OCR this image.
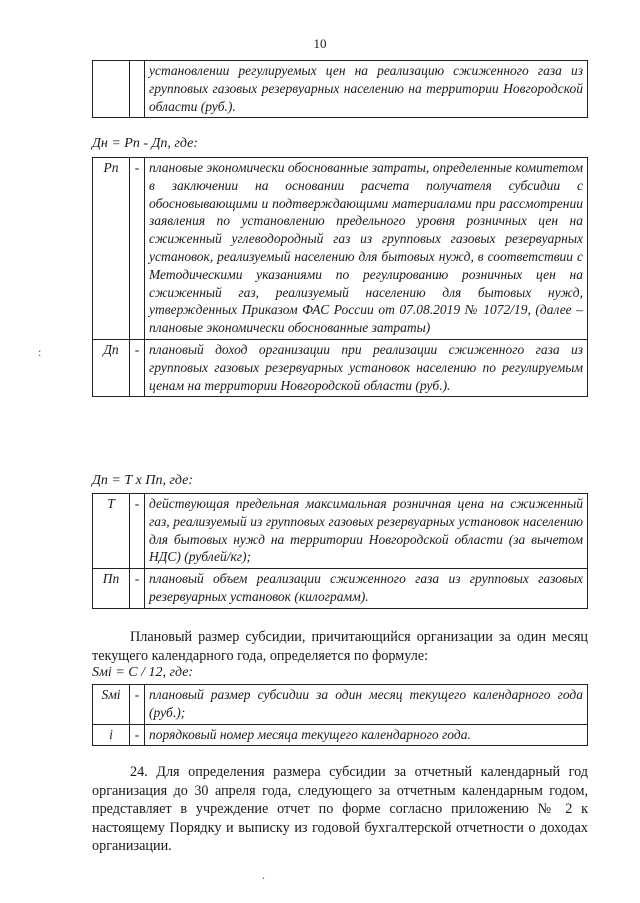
10
		установлении регулируемых цен на реализацию сжиженного газа из групповых газовых резервуарных населению на территории Новгородской области (руб.).
Дн = Рп - Дп, где:
Рп	-	плановые экономически обоснованные затраты, определенные комитетом в заключении на основании расчета получателя субсидии с обосновывающими и подтверждающими материалами при рассмотрении заявления по установлению предельного уровня розничных цен на сжиженный углеводородный газ из групповых газовых резервуарных установок, реализуемый населению для бытовых нужд, в соответствии с Методическими указаниями по регулированию розничных цен на сжиженный газ, реализуемый населению для бытовых нужд, утвержденных Приказом ФАС России от 07.08.2019 № 1072/19, (далее – плановые экономически обоснованные затраты)
Дп	-	плановый доход организации при реализации сжиженного газа из групповых газовых резервуарных установок населению по регулируемым ценам на территории Новгородской области (руб.).
Дп = Т х Пп, где:
Т	-	действующая предельная максимальная розничная цена на сжиженный газ, реализуемый из групповых газовых резервуарных установок населению для бытовых нужд на территории Новгородской области (за вычетом НДС) (рублей/кг);
Пп	-	плановый объем реализации сжиженного газа из групповых газовых резервуарных установок (килограмм).
Плановый размер субсидии, причитающийся организации за один месяц текущего календарного года, определяется по формуле:
Sмi = С / 12, где:
Sмi	-	плановый размер субсидии за один месяц текущего календарного года (руб.);
i	-	порядковый номер месяца текущего календарного года.
24. Для определения размера субсидии за отчетный календарный год организация до 30 апреля года, следующего за отчетным календарным годом, представляет в учреждение отчет по форме согласно приложению № 2 к настоящему Порядку и выписку из годовой бухгалтерской отчетности о доходах организации.
:
.
